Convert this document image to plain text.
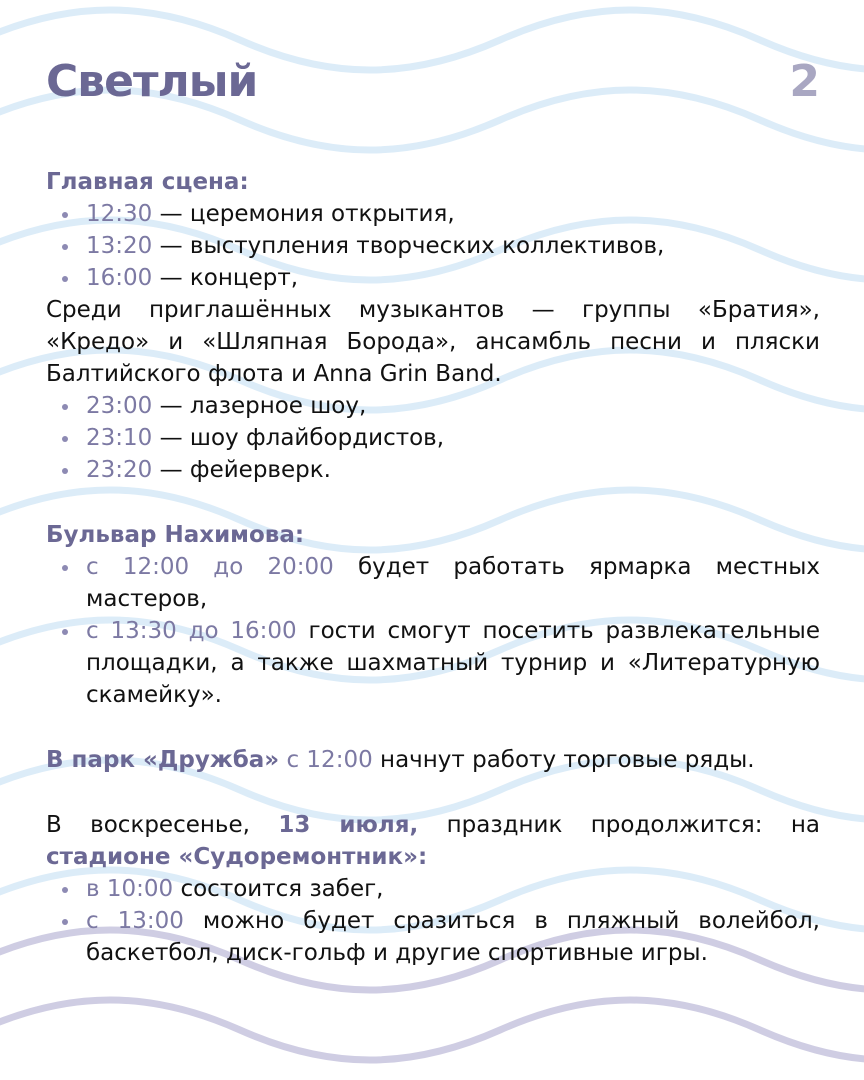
Светлый	2
Главная сцена:
12:30 — церемония открытия,
13:20 — выступления творческих коллективов,
16:00 — концерт,

Среди приглашённых музыкантов — группы «Братия», «Кредо» и «Шляпная Борода», ансамбль песни и пляски Балтийского флота и Anna Grin Band.

23:00 — лазерное шоу,
23:10 — шоу флайбордистов,
23:20 — фейерверк.
Бульвар Нахимова:
с 12:00 до 20:00 будет работать ярмарка местных мастеров,
с 13:30 до 16:00 гости смогут посетить развлекательные площадки, а также шахматный турнир и «Литературную скамейку».

В парк «Дружба» с 12:00 начнут работу торговые ряды.

В воскресенье, 13 июля, праздник продолжится: на стадионе «Судоремонтник»:

в 10:00 состоится забег,
с 13:00 можно будет сразиться в пляжный волейбол, баскетбол, диск-гольф и другие спортивные игры.
